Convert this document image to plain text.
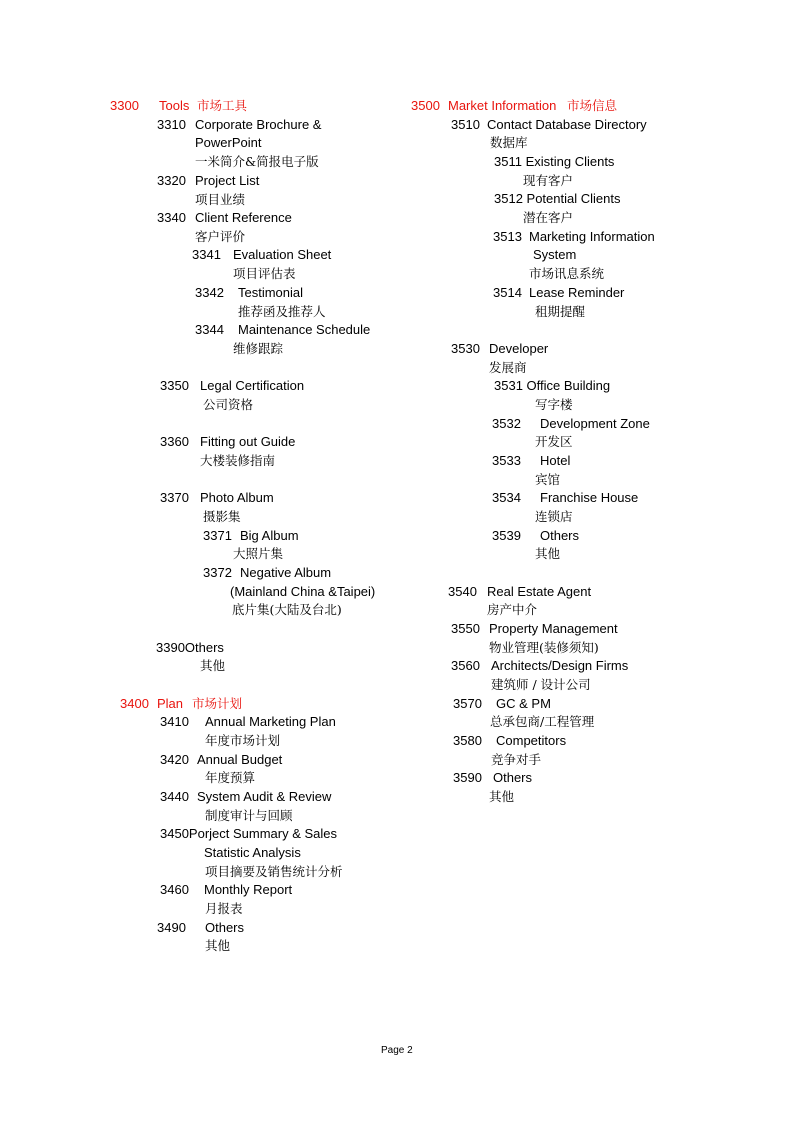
3300 Tools 市场工具
3310 Corporate Brochure &
PowerPoint
一米简介&简报电子版
3320 Project List
项目业绩
3340 Client Reference
客户评价
3341 Evaluation Sheet
项目评估表
3342 Testimonial
推荐函及推荐人
3344 Maintenance Schedule
维修跟踪
3350 Legal Certification
公司资格
3360 Fitting out Guide
大楼装修指南
3370 Photo Album
摄影集
3371 Big Album
大照片集
3372 Negative Album
(Mainland China &Taipei)
底片集(大陆及台北)
3390Others
其他
3400 Plan 市场计划
3410 Annual Marketing Plan
年度市场计划
3420 Annual Budget
年度预算
3440 System Audit & Review
制度审计与回顾
3450Porject Summary & Sales
Statistic Analysis
项目摘要及销售统计分析
3460 Monthly Report
月报表
3490 Others
其他
3500 Market Information 市场信息
3510 Contact Database Directory
数据库
3511 Existing Clients
现有客户
3512 Potential Clients
潜在客户
3513 Marketing Information
System
市场讯息系统
3514 Lease Reminder
租期提醒
3530 Developer
发展商
3531 Office Building
写字楼
3532 Development Zone
开发区
3533 Hotel
宾馆
3534 Franchise House
连锁店
3539 Others
其他
3540 Real Estate Agent
房产中介
3550 Property Management
物业管理(装修须知)
3560 Architects/Design Firms
建筑师 / 设计公司
3570 GC & PM
总承包商/工程管理
3580 Competitors
竞争对手
3590 Others
其他
Page 2
